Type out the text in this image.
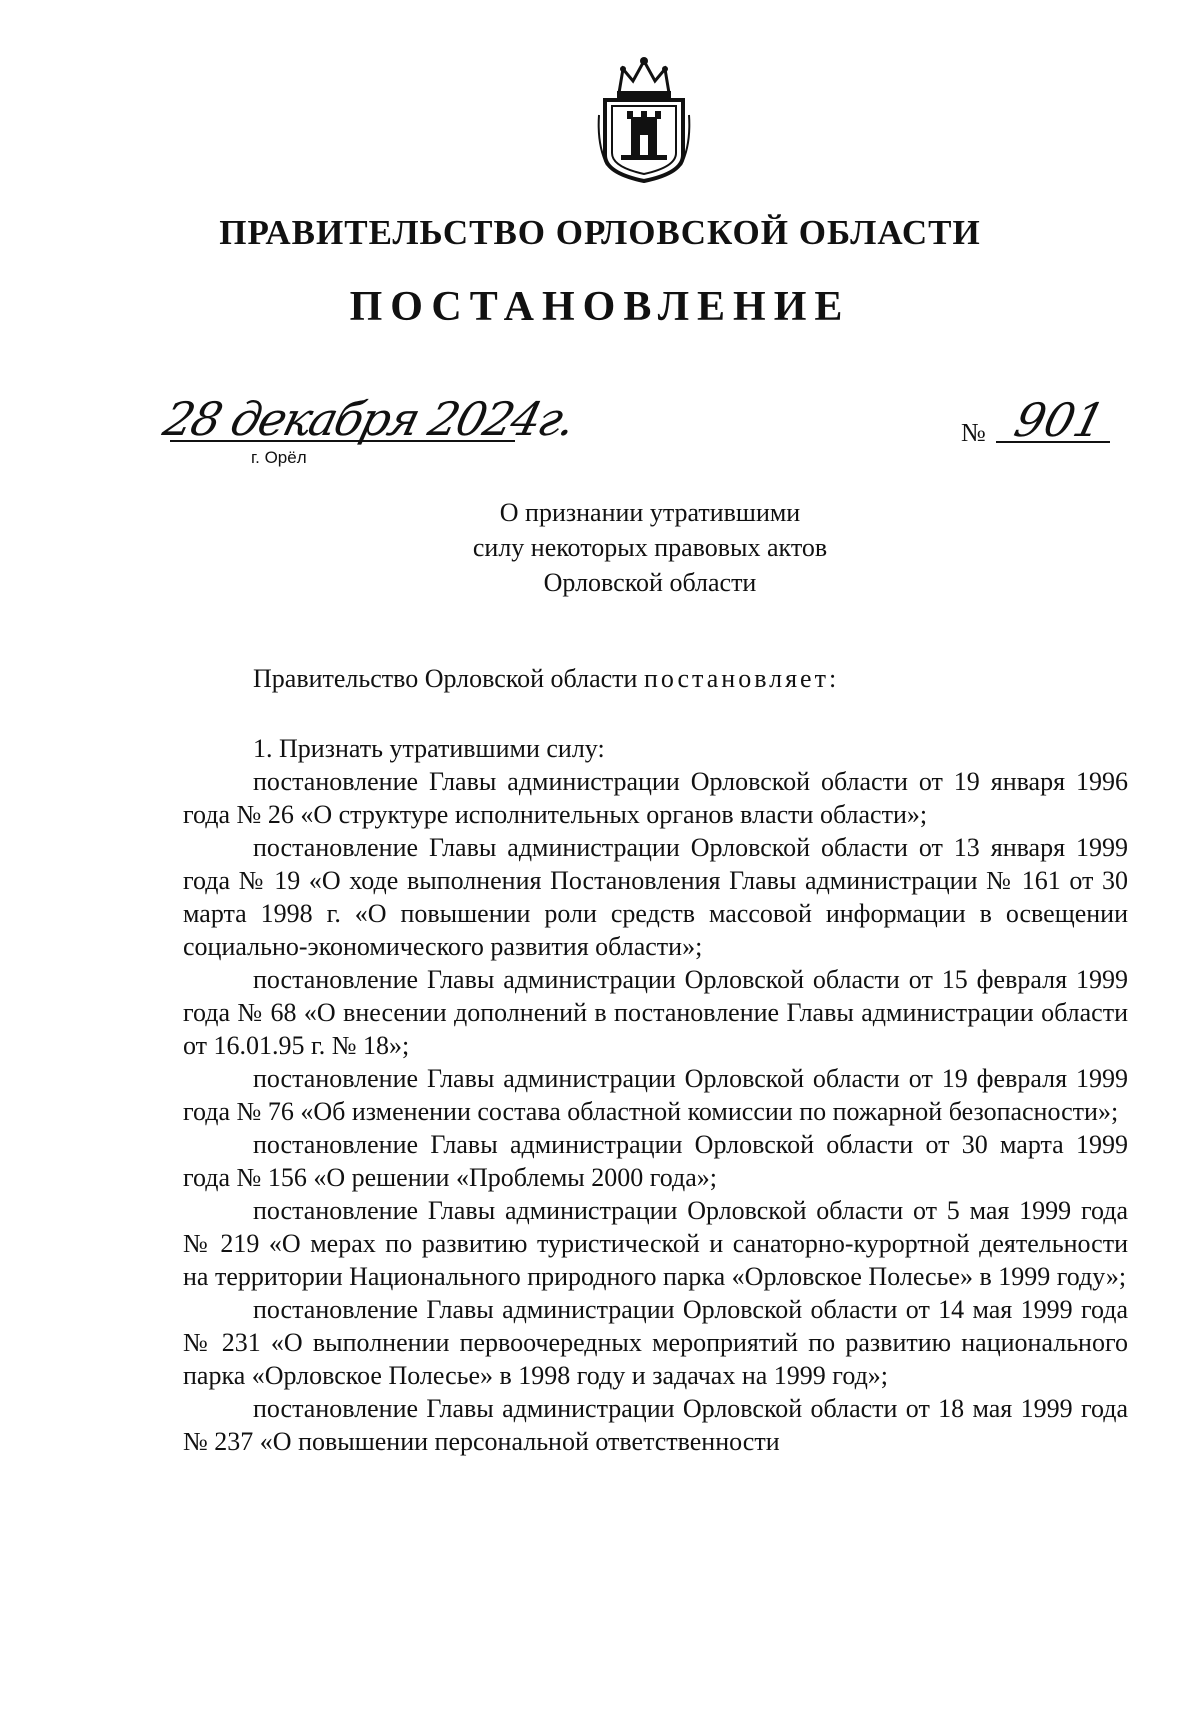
ПРАВИТЕЛЬСТВО ОРЛОВСКОЙ ОБЛАСТИ
ПОСТАНОВЛЕНИЕ
28 декабря 2024г.
г. Орёл
№ 901
О признании утратившими
силу некоторых правовых актов
Орловской области
Правительство Орловской области постановляет:

1. Признать утратившими силу:

постановление Главы администрации Орловской области от 19 января 1996 года № 26 «О структуре исполнительных органов власти области»;

постановление Главы администрации Орловской области от 13 января 1999 года № 19 «О ходе выполнения Постановления Главы администрации № 161 от 30 марта 1998 г. «О повышении роли средств массовой информации в освещении социально-экономического развития области»;

постановление Главы администрации Орловской области от 15 февраля 1999 года № 68 «О внесении дополнений в постановление Главы администрации области от 16.01.95 г. № 18»;

постановление Главы администрации Орловской области от 19 февраля 1999 года № 76 «Об изменении состава областной комиссии по пожарной безопасности»;

постановление Главы администрации Орловской области от 30 марта 1999 года № 156 «О решении «Проблемы 2000 года»;

постановление Главы администрации Орловской области от 5 мая 1999 года № 219 «О мерах по развитию туристической и санаторно-курортной деятельности на территории Национального природного парка «Орловское Полесье» в 1999 году»;

постановление Главы администрации Орловской области от 14 мая 1999 года № 231 «О выполнении первоочередных мероприятий по развитию национального парка «Орловское Полесье» в 1998 году и задачах на 1999 год»;

постановление Главы администрации Орловской области от 18 мая 1999 года № 237 «О повышении персональной ответственности
